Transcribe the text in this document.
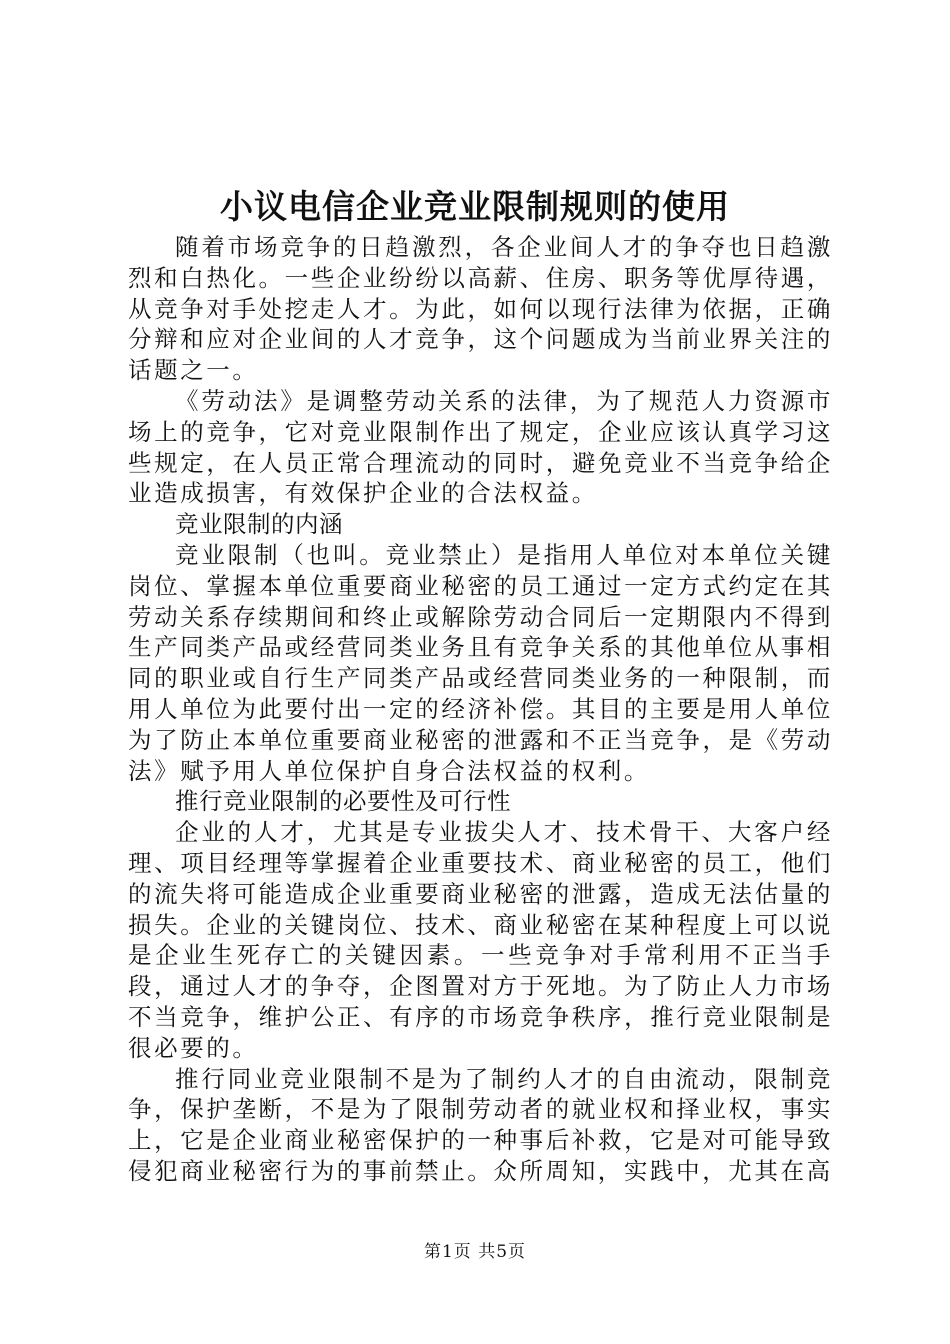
小议电信企业竞业限制规则的使用

随着市场竞争的日趋激烈，各企业间人才的争夺也日趋激烈和白热化。一些企业纷纷以高薪、住房、职务等优厚待遇，从竞争对手处挖走人才。为此，如何以现行法律为依据，正确分辩和应对企业间的人才竞争，这个问题成为当前业界关注的话题之一。

《劳动法》是调整劳动关系的法律，为了规范人力资源市场上的竞争，它对竞业限制作出了规定，企业应该认真学习这些规定，在人员正常合理流动的同时，避免竞业不当竞争给企业造成损害，有效保护企业的合法权益。

竞业限制的内涵

竞业限制（也叫。竞业禁止）是指用人单位对本单位关键岗位、掌握本单位重要商业秘密的员工通过一定方式约定在其劳动关系存续期间和终止或解除劳动合同后一定期限内不得到生产同类产品或经营同类业务且有竞争关系的其他单位从事相同的职业或自行生产同类产品或经营同类业务的一种限制，而用人单位为此要付出一定的经济补偿。其目的主要是用人单位为了防止本单位重要商业秘密的泄露和不正当竞争，是《劳动法》赋予用人单位保护自身合法权益的权利。

推行竞业限制的必要性及可行性

企业的人才，尤其是专业拔尖人才、技术骨干、大客户经理、项目经理等掌握着企业重要技术、商业秘密的员工，他们的流失将可能造成企业重要商业秘密的泄露，造成无法估量的损失。企业的关键岗位、技术、商业秘密在某种程度上可以说是企业生死存亡的关键因素。一些竞争对手常利用不正当手段，通过人才的争夺，企图置对方于死地。为了防止人力市场不当竞争，维护公正、有序的市场竞争秩序，推行竞业限制是很必要的。

推行同业竞业限制不是为了制约人才的自由流动，限制竞争，保护垄断，不是为了限制劳动者的就业权和择业权，事实上，它是企业商业秘密保护的一种事后补救，它是对可能导致侵犯商业秘密行为的事前禁止。众所周知，实践中，尤其在高

第1页 共5页
